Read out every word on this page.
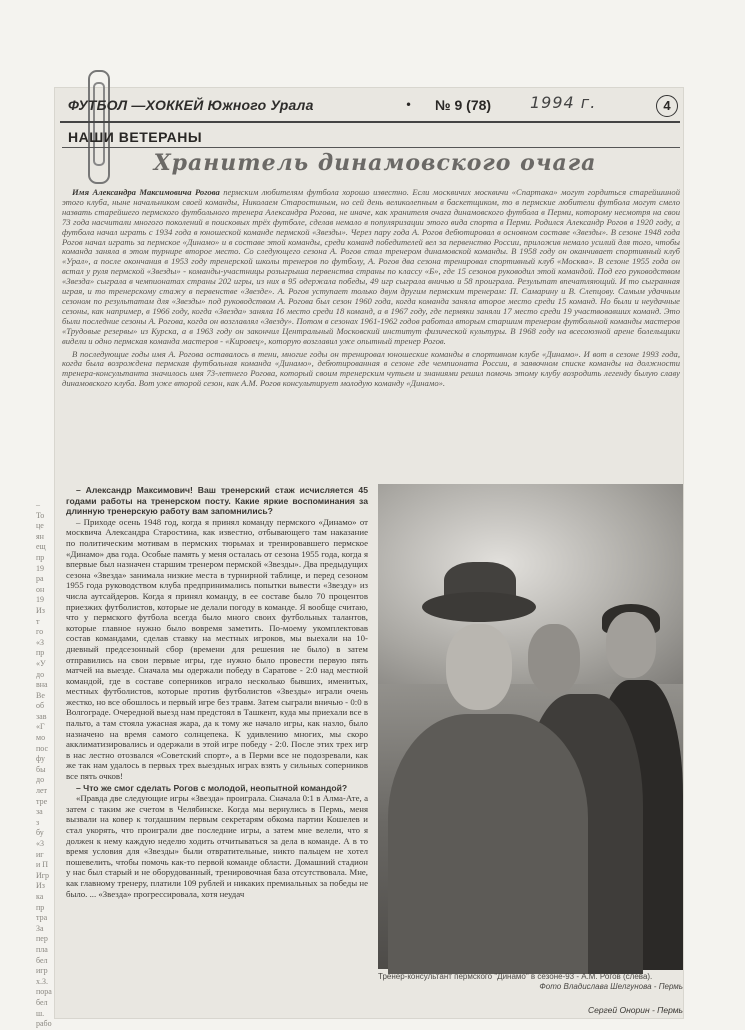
ФУТБОЛ —ХОККЕЙ Южного Урала	• № 9 (78) 1994 г.	4
НАШИ ВЕТЕРАНЫ
Хранитель динамовского очага

Имя Александра Максимовича Рогова пермским любителям футбола хорошо известно. Если москвичих москвичи «Спартака» могут гордиться старейшиной этого клуба, ныне начальником своей команды, Николаем Старостиным, но сей день великолепным в баскетщиком, то в пермские любители футбола могут смело назвать старейшего пермского футбольного тренера Александра Рогова, не иначе, как хранителя очага динамовского футбола в Перми, которому несмотря на свои 73 года насчитали многого поколений в поисковых трёх футболе, сделав немало в популяризации этого вида спорта в Перми. Родился Александр Рогов в 1920 году, а футбола начал играть с 1934 года в юношеской команде пермской «Звезды». Через пару года А. Рогов дебютировал в основном составе «Звезды». В сезоне 1948 года Рогов начал играть за пермское «Динамо» и в составе этой команды, среди команд победителей вел за первенство России, приложив немало усилий для того, чтобы команда заняла в этом турнире второе место. Со следующего сезона А. Рогов стал тренером динамовской команды. В 1958 году он оканчивает спортивный клуб «Урал», а после окончания в 1953 году тренерской школы тренеров по футболу, А. Рогов два сезона тренировал спортивный клуб «Москва». В сезоне 1955 года он встал у руля пермской «Звезды» - команды-участницы розыгрыша первенства страны по классу «Б», где 15 сезонов руководил этой командой. Под его руководством «Звезда» сыграла в чемпионатах страны 202 игры, из них в 95 одержала победы, 49 игр сыграла вничью и 58 проиграла. Результат впечатляющий. И то сыгранная играя, и то тренерскому стажу в первенстве «Звезде». А. Рогов уступает только двум другим пермским тренерам: П. Самарину и В. Слепцову. Самым удачным сезоном по результатам для «Звезды» под руководством А. Рогова был сезон 1960 года, когда команда заняла второе место среди 15 команд. Но были и неудачные сезоны, как например, в 1966 году, когда «Звезда» заняла 16 место среди 18 команд, а в 1967 году, где пермяки заняли 17 место среди 19 участвовавших команд. Это были последние сезоны А. Рогова, когда он возглавлял «Звезду». Потом в сезонах 1961-1962 годов работал вторым старшим тренером футбольной команды мастеров «Трудовые резервы» из Курска, а в 1963 году он закончил Центральный Московский институт физической культуры. В 1968 году на всесоюзной арене болельщики видели и одно пермская команда мастеров - «Кировец», которую возглавил уже опытный тренер Рогов.

В последующие годы имя А. Рогова оставалось в тени, многие годы он тренировал юношеские команды в спортивном клубе «Динамо». И вот в сезоне 1993 года, когда была возрождена пермская футбольная команда «Динамо», дебютированная в сезоне где чемпионата России, в заявочном списке команды на должности тренера-консультанта значилось имя 73-летнего Рогова, который своим тренерским чутьем и знаниями решил помочь этому клубу возродить легенду былую славу динамовского клуба. Вот уже второй сезон, как А.М. Рогов консультирует молодую команду «Динамо».

–
То
це
ян
ещ
пр
19
ра
он
19
Из
т
го
«З
пр
«У
до
вна
Ве
об
зав
«Г
мо
пос
фу
бы
до
лет
тре
за
з
бу
«3
иг
и П
Игр
Из
ка
пр
тра
За
пер
пла
бел
игр
х.З.
пора
бел
ш.
рабо

– Александр Максимович! Ваш тренерский стаж исчисляется 45 годами работы на тренерском посту. Какие яркие воспоминания за длинную тренерскую работу вам запомнились?

– Приходе осень 1948 год, когда я принял команду пермского «Динамо» от москвича Александра Старостина, как известно, отбывающего там наказание по политическим мотивам в пермских тюрьмах и тренировавшего пермское «Динамо» два года. Особые память у меня осталась от сезона 1955 года, когда я впервые был назначен старшим тренером пермской «Звезды». Два предыдущих сезона «Звезда» занимала низкие места в турнирной таблице, и перед сезоном 1955 года руководством клуба предпринимались попытки вывести «Звезду» из числа аутсайдеров. Когда я принял команду, в ее составе было 70 процентов приезжих футболистов, которые не делали погоду в команде. Я вообще считаю, что у пермского футбола всегда было много своих футбольных талантов, которые главное нужно было вовремя заметить. По-моему укомплектовав состав командами, сделав ставку на местных игроков, мы выехали на 10-дневный предсезонный сбор (времени для решения не было) в затем отправились на свои первые игры, где нужно было провести первую пять матчей на выезде. Сначала мы одержали победу в Саратове - 2:0 над местной командой, где в составе соперников играло несколько бывших, именитых, местных футболистов, которые против футболистов «Звезды» играли очень жестко, но все обошлось и первый игре без травм. Затем сыграли вничью - 0:0 в Волгограде. Очередной выезд нам предстоял в Ташкент, куда мы приехали все в пальто, а там стояла ужасная жара, да к тому же начало игры, как назло, было назначено на время самого солнцепека. К удивлению многих, мы скоро акклиматизировались и одержали в этой игре победу - 2:0. После этих трех игр в нас лестно отозвался «Советский спорт», а в Перми все не подозревали, как же так нам удалось в первых трех выездных играх взять у сильных соперников все пять очков!

– Что же смог сделать Рогов с молодой, неопытной командой?

«Правда две следующие игры «Звезда» проиграла. Сначала 0:1 в Алма-Ате, а затем с таким же счетом в Челябинске. Когда мы вернулись в Пермь, меня вызвали на ковер к тогдашним первым секретарям обкома партии Кошелев и стал укорять, что проиграли две последние игры, а затем мне велели, что я должен к нему каждую неделю ходить отчитываться за дела в команде. А в то время условия для «Звезды» были отвратительные, никто пальцем не хотел пошевелить, чтобы помочь как-то первой команде области. Домашний стадион у нас был старый и не оборудованный, тренировочная база отсутствовала. Мне, как главному тренеру, платили 109 рублей и никаких премиальных за победы не было. ... «Звезда» прогрессировала, хотя неудач

Тренер-консультант пермского "Динамо" в сезоне-93 - А.М. Рогов (слева).
Фото Владислава Шелгунова - Пермь
Сергей Онорин - Пермь
